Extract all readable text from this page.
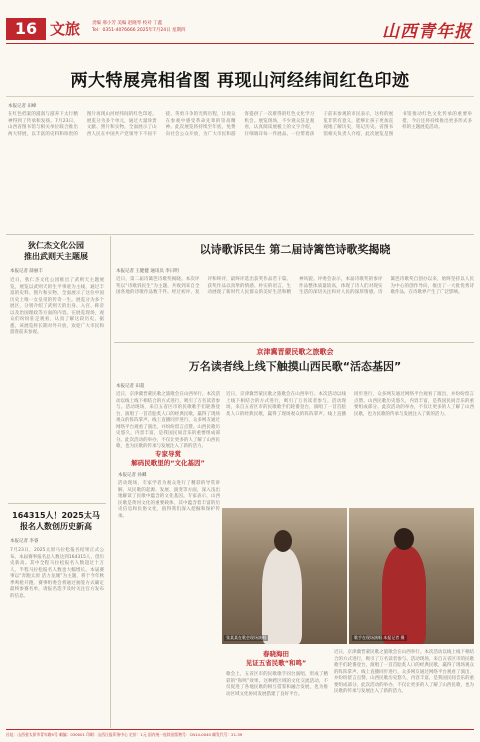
16 文旅	责编 邢小芳 美编 赵晓琴 校对 丁鑫
Tel：0351-4076666 2025年7月24日 星期四	山西青年报
两大特展亮相省图 再现山河经纬间红色印迹
本报记者 田峰
在红色档案的滋润与滋养下太行精神得到了传承和发扬。7月23日，山西省图书馆与相关单位联合推出两大特展，以丰富的史料和珍贵的图片再现山河经纬间的红色印迹。展览分为多个单元，通过大量珍贵文献、照片和实物，全面展示了山西人民在中国共产党领导下不屈不挠、英勇斗争的光辉历程，让观众在参观中感受革命先辈的崇高精神。此次展览将持续至年底，免费向社会公众开放，为广大市民和游客提供了一次难得的红色文化学习机会。展览现场，不少观众驻足观看，认真阅读展板上的文字介绍，仔细端详每一件展品。一位带着孩子前来参观的市民表示，这样的展览非常有意义，能够让孩子更加直观地了解历史，铭记历史。省图书馆相关负责人介绍，此次展览是图书馆推动红色文化传承的重要举措，今后还将持续推出更多形式多样的主题展览活动。
狄仁杰文化公园
推出武则天主题展
本报记者 薛丽丰
近日，狄仁杰文化公园推出了武则天主题展览，展览以武则天的生平事迹为主线，通过丰富的史料、图片和实物，全面展示了这位中国历史上唯一女皇帝的传奇一生。展览分为多个展区，分别介绍了武则天的出身、入宫、称帝以及治国理政等方面的内容。在展览现场，观众们纷纷驻足观看，认真了解这段历史。据悉，该展览将长期对外开放，欢迎广大市民和游客前来参观。
164315人！2025太马
报名人数创历史新高
本报记者 李睿
7月23日，2025太原马拉松报名结果正式公布。本届赛事报名总人数达到164315人，创历史新高。其中全程马拉松报名人数超过十万人，半程马拉松报名人数也大幅增长。本届赛事以“奔跑太原 活力龙城”为主题，将于今年秋季鸣枪开跑，赛事组委会将通过抽签方式确定最终参赛名单，请报名选手及时关注官方发布的信息。
以诗歌诉民生 第二届诗篱笆诗歌奖揭晓
本报记者 王健健 通讯员 李日明
近日，第二届诗篱笆诗歌奖揭晓。本次评奖以“诗歌诉民生”为主题，共收到来自全国各地的诗歌作品数千件。经过初评、复评和终评，最终评选出获奖作品若干篇。获奖作品以真挚的情感、朴实的语言，生动展现了新时代人民群众的美好生活和精神风貌。评委会表示，本届诗歌奖的参评作品整体质量较高，体现了诗人们对现实生活的深切关注和对人民的深厚情感。诗篱笆诗歌奖自创办以来，始终坚持以人民为中心的创作导向，推出了一大批优秀诗歌作品，在诗歌界产生了广泛影响。
京津冀晋蒙民歌之旅歌会
万名读者线上线下触摸山西民歌“活态基因”
本报记者 田超
近日，京津冀晋蒙民歌之旅歌会在山西举行。本次活动以线上线下相结合的方式进行，吸引了万名读者参与。活动现场，来自五省区市的民歌歌手们轮番登台，演唱了一首首脍炙人口的经典民歌，赢得了现场观众的阵阵掌声。线上直播同步进行，众多网友通过网络平台观看了演出，并纷纷留言点赞。山西民歌历史悠久，内容丰富，是我国民间音乐的重要组成部分。此次活动的举办，不仅让更多的人了解了山西民歌，也为民歌的传承与发展注入了新的活力。
近日，京津冀晋蒙民歌之旅歌会在山西举行。本次活动以线上线下相结合的方式进行，吸引了万名读者参与。活动现场，来自五省区市的民歌歌手们轮番登台，演唱了一首首脍炙人口的经典民歌，赢得了现场观众的阵阵掌声。线上直播同步进行，众多网友通过网络平台观看了演出，并纷纷留言点赞。山西民歌历史悠久，内容丰富，是我国民间音乐的重要组成部分。此次活动的举办，不仅让更多的人了解了山西民歌，也为民歌的传承与发展注入了新的活力。
专家导赏
解码民歌里的“文化基因”
本报记者 孙卿
活动现场，专家学者为观众进行了精彩的导赏讲解，从民歌的起源、发展、演变等方面，深入浅出地解读了民歌中蕴含的文化基因。专家表示，山西民歌是黄河文化的重要载体，其中蕴含着丰富的历史信息和民俗文化，值得我们深入挖掘和保护传承。
张某某在歌会现场演唱	歌手在现场演唱 本报记者 摄
春晓海田
见证五省民歌“和鸣”
歌会上，五省区市的民歌歌手同台演唱，形成了精彩的“和鸣”效果。这种跨区域的文化交流活动，不仅促进了各地民歌的相互借鉴和融合发展，也为推动区域文化协同发展搭建了良好平台。
近日，京津冀晋蒙民歌之旅歌会在山西举行。本次活动以线上线下相结合的方式进行，吸引了万名读者参与。活动现场，来自五省区市的民歌歌手们轮番登台，演唱了一首首脍炙人口的经典民歌，赢得了现场观众的阵阵掌声。线上直播同步进行，众多网友通过网络平台观看了演出，并纷纷留言点赞。山西民歌历史悠久，内容丰富，是我国民间音乐的重要组成部分。此次活动的举办，不仅让更多的人了解了山西民歌，也为民歌的传承与发展注入了新的活力。
社址：山西省太原市青年路5号 邮编：030001 印刷：山西日报印务中心 定价：1元 国内统一连续出版物号：CN14-0040 邮发代号：21-39
